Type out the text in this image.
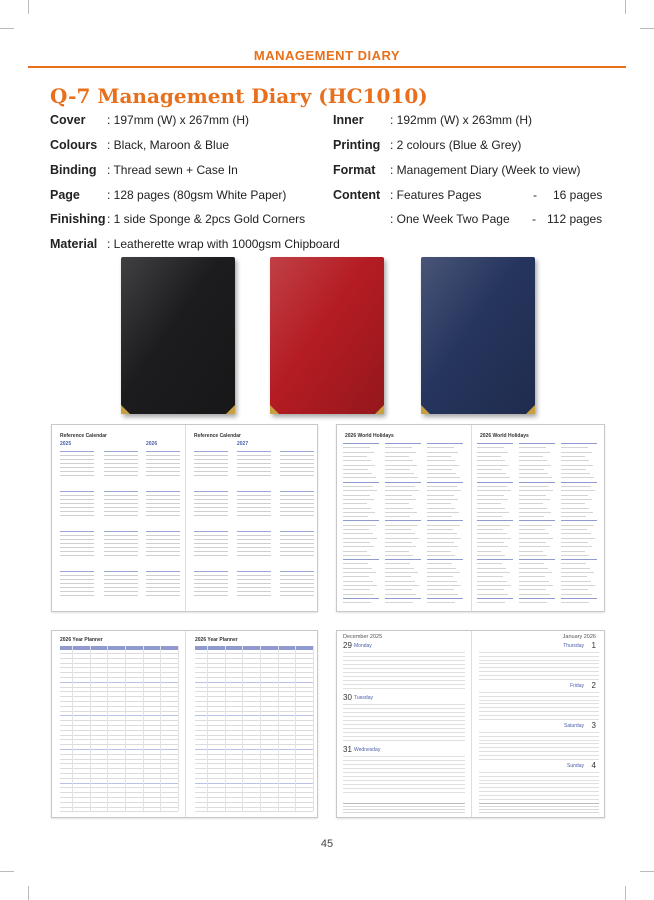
MANAGEMENT DIARY
Q-7 Management Diary (HC1010)
Cover : 197mm (W) x 267mm (H)	Inner : 192mm (W) x 263mm (H)
Colours : Black, Maroon & Blue	Printing : 2 colours (Blue & Grey)
Binding : Thread sewn + Case In	Format : Management Diary (Week to view)
Page : 128 pages (80gsm White Paper)	Content : Features Pages	- 16 pages
Finishing : 1 side Sponge & 2pcs Gold Corners	: One Week Two Page - 112 pages
Material : Leatherette wrap with 1000gsm Chipboard
Reference Calendar	Reference Calendar
2025	2026	2027
2026 World Holidays	2026 World Holidays
2026 Year Planner	2026 Year Planner	December 2025	January 2026
29 Monday
30 Tuesday
31 Wednesday
1
Thursday
2
Friday
3
Saturday
4
Sunday
45
